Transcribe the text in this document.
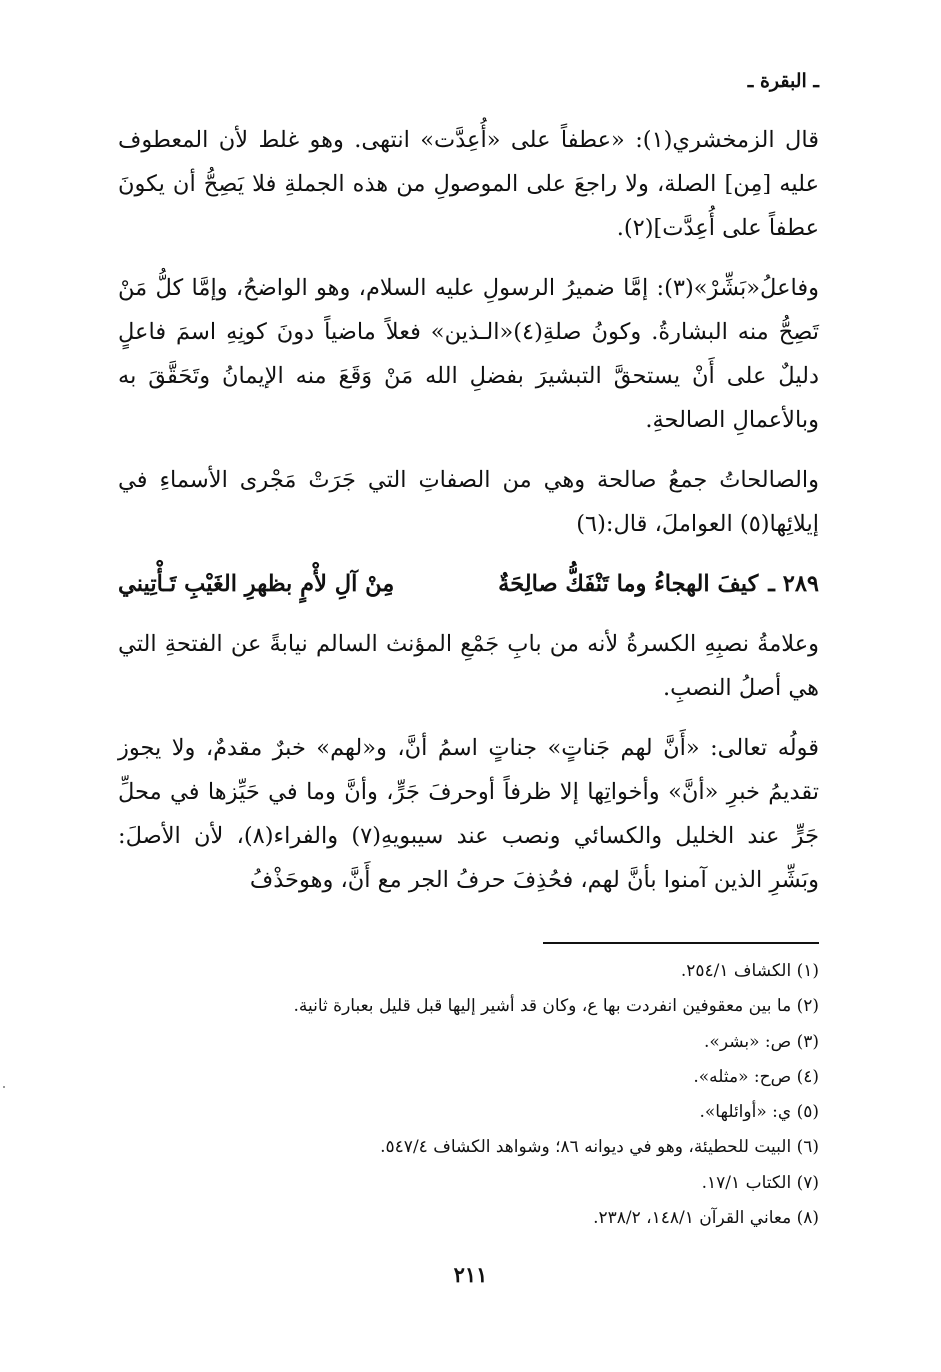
ـ البقرة ـ

قال الزمخشري(١): «عطفاً على «أُعِدَّت» انتهى. وهو غلط لأن المعطوف عليه [مِن] الصلة، ولا راجعَ على الموصولِ من هذه الجملةِ فلا يَصِحُّ أن يكونَ عطفاً على أُعِدَّت](٢).

وفاعلُ«بَشِّرْ»(٣): إمَّا ضميرُ الرسولِ عليه السلام، وهو الواضحُ، وإمَّا كلُّ مَنْ تَصِحُّ منه البشارةُ. وكونُ صلةِ(٤)«الـذين» فعلاً ماضياً دونَ كونِهِ اسمَ فاعلٍ دليلٌ على أَنْ يستحقَّ التبشيرَ بفضلِ الله مَنْ وَقَعَ منه الإيمانُ وتَحَقَّقَ به وبالأعمالِ الصالحةِ.

والصالحاتُ جمعُ صالحة وهي من الصفاتِ التي جَرَتْ مَجْرى الأسماءِ في إيلائِها(٥) العواملَ، قال:(٦)

٢٨٩ ـ
كيفَ الهجاءُ وما تَنْفَكُّ صالِحَةٌ
مِنْ آلِ لأْمٍ بظهرِ الغَيْبِ تَـأْتِيني

وعلامةُ نصبِهِ الكسرةُ لأنه من بابِ جَمْعِ المؤنث السالم نيابةً عن الفتحةِ التي هي أصلُ النصبِ.

قولُه تعالى: «أَنَّ لهم جَناتٍ» جناتٍ اسمُ أنَّ، و«لهم» خبرٌ مقدمٌ، ولا يجوز تقديمُ خبرِ «أنَّ» وأخواتِها إلا ظرفاً أوحرفَ جَرٍّ، وأنَّ وما في حَيِّزها في محلِّ جَرٍّ عند الخليل والكسائي ونصب عند سيبويهِ(٧) والفراء(٨)، لأن الأصلَ: وبَشِّرِ الذين آمنوا بأنَّ لهم، فحُذِفَ حرفُ الجر مع أَنَّ، وهوحَذْفُ

(١) الكشاف ٢٥٤/١.
(٢) ما بين معقوفين انفردت بها ع، وكان قد أشير إليها قبل قليل بعبارة ثانية.
(٣) ص: «بشر».
(٤) ص‌ح: «مثله».
(٥) ي: «أوائلها».
(٦) البيت للحطيئة، وهو في ديوانه ٨٦؛ وشواهد الكشاف ٥٤٧/٤.
(٧) الكتاب ١٧/١.
(٨) معاني القرآن ١٤٨/١، ٢٣٨/٢.
٢١١
